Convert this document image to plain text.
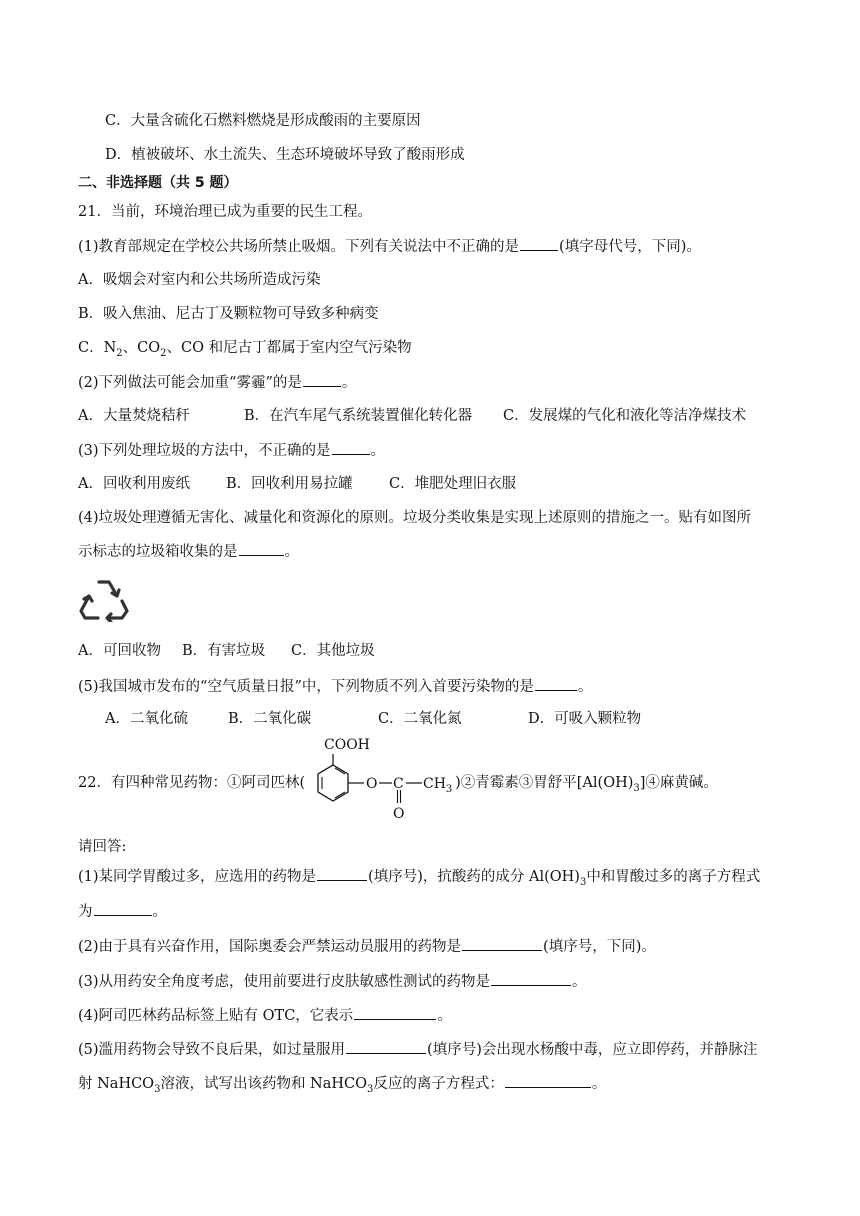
C．大量含硫化石燃料燃烧是形成酸雨的主要原因
D．植被破坏、水土流失、生态环境破坏导致了酸雨形成
二、非选择题（共 5 题）
21．当前，环境治理已成为重要的民生工程。
(1)教育部规定在学校公共场所禁止吸烟。下列有关说法中不正确的是	(填字母代号，下同)。
A．吸烟会对室内和公共场所造成污染
B．吸入焦油、尼古丁及颗粒物可导致多种病变
C．$N_2$、$CO_2$、CO 和尼古丁都属于室内空气污染物
(2)下列做法可能会加重“雾霾”的是	。
A．大量焚烧秸秆	B．在汽车尾气系统装置催化转化器 C．发展煤的气化和液化等洁净煤技术
(3)下列处理垃圾的方法中，不正确的是	。
A．回收利用废纸 B．回收利用易拉罐	C．堆肥处理旧衣服
(4)垃圾处理遵循无害化、减量化和资源化的原则。垃圾分类收集是实现上述原则的措施之一。贴有如图所
示标志的垃圾箱收集的是	。
A．可回收物 B．有害垃圾 C．其他垃圾
(5)我国城市发布的“空气质量日报”中，下列物质不列入首要污染物的是	。
A．二氧化硫	B．二氧化碳	C．二氧化氮	D．可吸入颗粒物
22．有四种常见药物：①阿司匹林(	)②青霉素③胃舒平$[Al(OH)_3]④$麻黄碱。
COOH
O C $CH_3$
O
请回答:
(1)某同学胃酸过多，应选用的药物是	(填序号)，抗酸药的成分 $Al(OH)_3$中和胃酸过多的离子方程式
为	。
(2)由于具有兴奋作用，国际奥委会严禁运动员服用的药物是	(填序号，下同)。
(3)从用药安全角度考虑，使用前要进行皮肤敏感性测试的药物是	。
(4)阿司匹林药品标签上贴有 OTC，它表示	。
(5)滥用药物会导致不良后果，如过量服用	(填序号)会出现水杨酸中毒，应立即停药，并静脉注
射 NaHCO$_3$溶液，试写出该药物和 NaHCO$_3$反应的离子方程式：	。
